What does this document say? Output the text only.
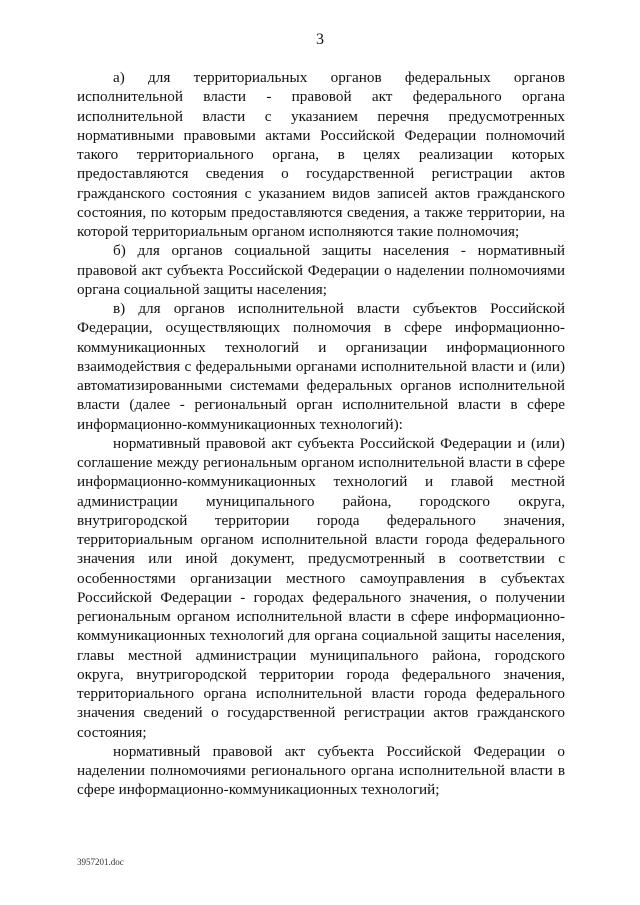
3

а) для территориальных органов федеральных органов исполнительной власти - правовой акт федерального органа исполнительной власти с указанием перечня предусмотренных нормативными правовыми актами Российской Федерации полномочий такого территориального органа, в целях реализации которых предоставляются сведения о государственной регистрации актов гражданского состояния с указанием видов записей актов гражданского состояния, по которым предоставляются сведения, а также территории, на которой территориальным органом исполняются такие полномочия;

б) для органов социальной защиты населения - нормативный правовой акт субъекта Российской Федерации о наделении полномочиями органа социальной защиты населения;

в) для органов исполнительной власти субъектов Российской Федерации, осуществляющих полномочия в сфере информационно-коммуникационных технологий и организации информационного взаимодействия с федеральными органами исполнительной власти и (или) автоматизированными системами федеральных органов исполнительной власти (далее - региональный орган исполнительной власти в сфере информационно-коммуникационных технологий):

нормативный правовой акт субъекта Российской Федерации и (или) соглашение между региональным органом исполнительной власти в сфере информационно-коммуникационных технологий и главой местной администрации муниципального района, городского округа, внутригородской территории города федерального значения, территориальным органом исполнительной власти города федерального значения или иной документ, предусмотренный в соответствии с особенностями организации местного самоуправления в субъектах Российской Федерации - городах федерального значения, о получении региональным органом исполнительной власти в сфере информационно-коммуникационных технологий для органа социальной защиты населения, главы местной администрации муниципального района, городского округа, внутригородской территории города федерального значения, территориального органа исполнительной власти города федерального значения сведений о государственной регистрации актов гражданского состояния;

нормативный правовой акт субъекта Российской Федерации о наделении полномочиями регионального органа исполнительной власти в сфере информационно-коммуникационных технологий;

3957201.doc
